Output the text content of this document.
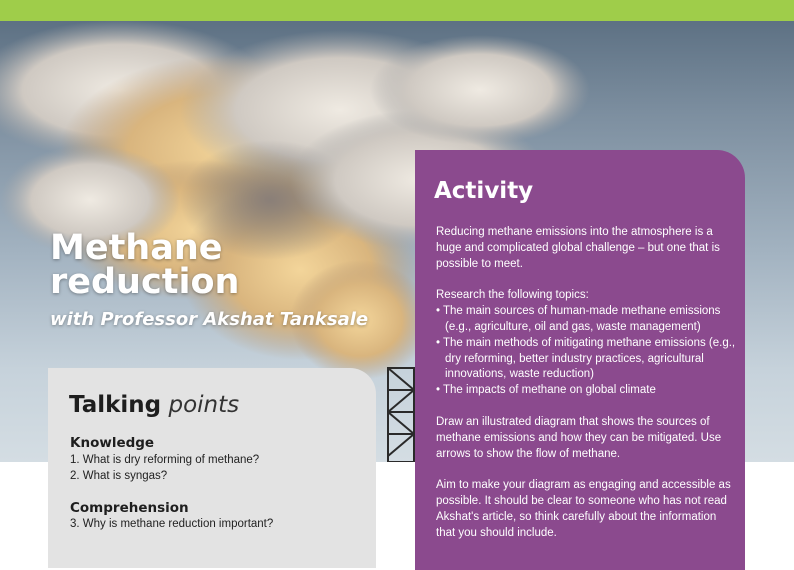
Methane
reduction
with Professor Akshat Tanksale
Talking points
Knowledge
1. What is dry reforming of methane?
2. What is syngas?
Comprehension
3. Why is methane reduction important?
Activity

Reducing methane emissions into the atmosphere is a huge and complicated global challenge – but one that is possible to meet.

Research the following topics:
• The main sources of human-made methane emissions (e.g., agriculture, oil and gas, waste management)
• The main methods of mitigating methane emissions (e.g., dry reforming, better industry practices, agricultural innovations, waste reduction)
• The impacts of methane on global climate

Draw an illustrated diagram that shows the sources of methane emissions and how they can be mitigated. Use arrows to show the flow of methane.

Aim to make your diagram as engaging and accessible as possible. It should be clear to someone who has not read Akshat's article, so think carefully about the information that you should include.
